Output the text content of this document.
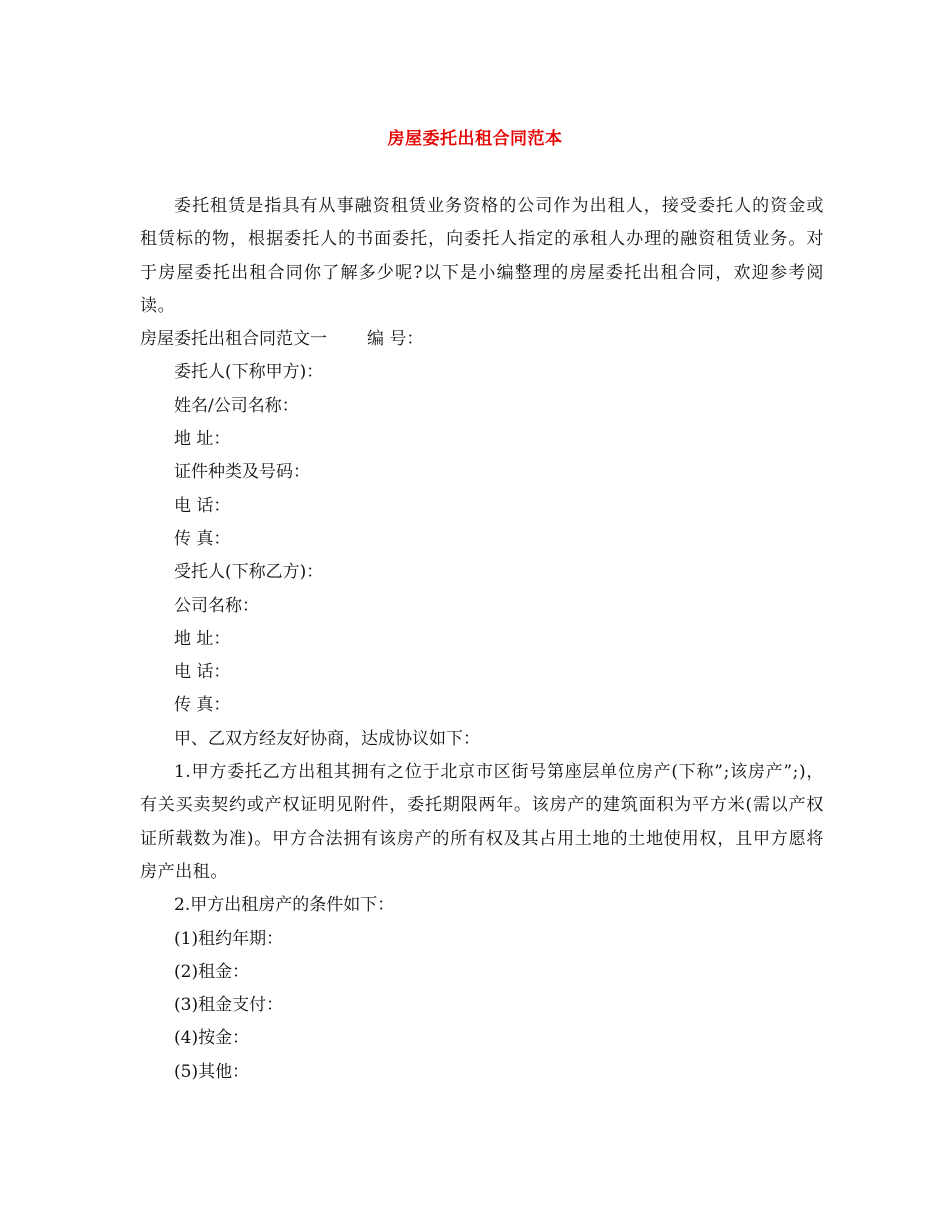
房屋委托出租合同范本

委托租赁是指具有从事融资租赁业务资格的公司作为出租人，接受委托人的资金或租赁标的物，根据委托人的书面委托，向委托人指定的承租人办理的融资租赁业务。对于房屋委托出租合同你了解多少呢?以下是小编整理的房屋委托出租合同，欢迎参考阅读。

房屋委托出租合同范文一 编 号：

委托人(下称甲方)：

姓名/公司名称：

地 址：

证件种类及号码：

电 话：

传 真：

受托人(下称乙方)：

公司名称：

地 址：

电 话：

传 真：

甲、乙双方经友好协商，达成协议如下：

1.甲方委托乙方出租其拥有之位于北京市区街号第座层单位房产(下称”;该房产”;)，有关买卖契约或产权证明见附件，委托期限两年。该房产的建筑面积为平方米(需以产权证所载数为准)。甲方合法拥有该房产的所有权及其占用土地的土地使用权，且甲方愿将房产出租。

2.甲方出租房产的条件如下：

(1)租约年期：

(2)租金：

(3)租金支付：

(4)按金：

(5)其他：
